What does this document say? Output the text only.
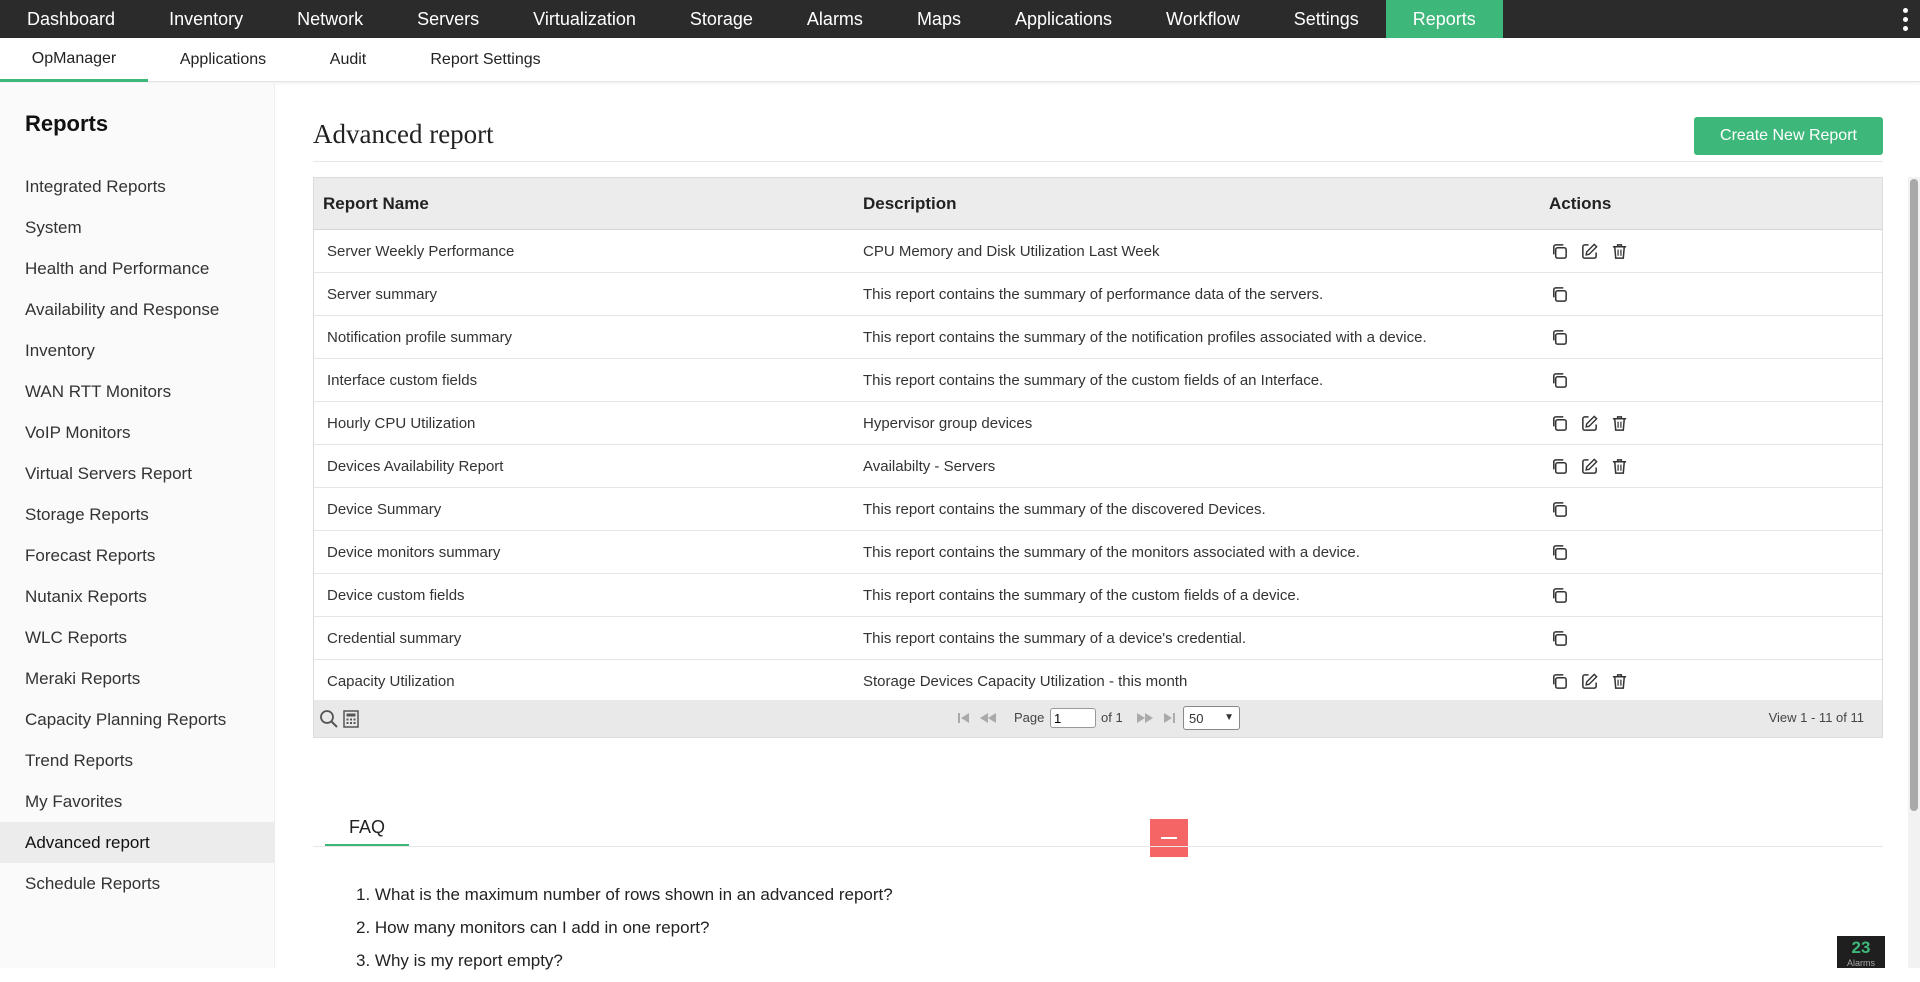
Dashboard	Inventory	Network	Servers	Virtualization	Storage	Alarms	Maps	Applications	Workflow	Settings	Reports
OpManager	Applications	Audit	Report Settings
Reports
Integrated Reports
System
Health and Performance
Availability and Response
Inventory
WAN RTT Monitors
VoIP Monitors
Virtual Servers Report
Storage Reports
Forecast Reports
Nutanix Reports
WLC Reports
Meraki Reports
Capacity Planning Reports
Trend Reports
My Favorites
Advanced report
Schedule Reports
Advanced report	Create New Report
Report Name	Description	Actions
Server Weekly Performance	CPU Memory and Disk Utilization Last Week
Server summary	This report contains the summary of performance data of the servers.
Notification profile summary	This report contains the summary of the notification profiles associated with a device.
Interface custom fields	This report contains the summary of the custom fields of an Interface.
Hourly CPU Utilization	Hypervisor group devices
Devices Availability Report	Availabilty - Servers
Device Summary	This report contains the summary of the discovered Devices.
Device monitors summary	This report contains the summary of the monitors associated with a device.
Device custom fields	This report contains the summary of the custom fields of a device.
Credential summary	This report contains the summary of a device's credential.
Capacity Utilization	Storage Devices Capacity Utilization - this month
Page
1	of 1	50 ▼	View 1 - 11 of 11
FAQ
1. What is the maximum number of rows shown in an advanced report?
2. How many monitors can I add in one report?
3. Why is my report empty?
23
Alarms
